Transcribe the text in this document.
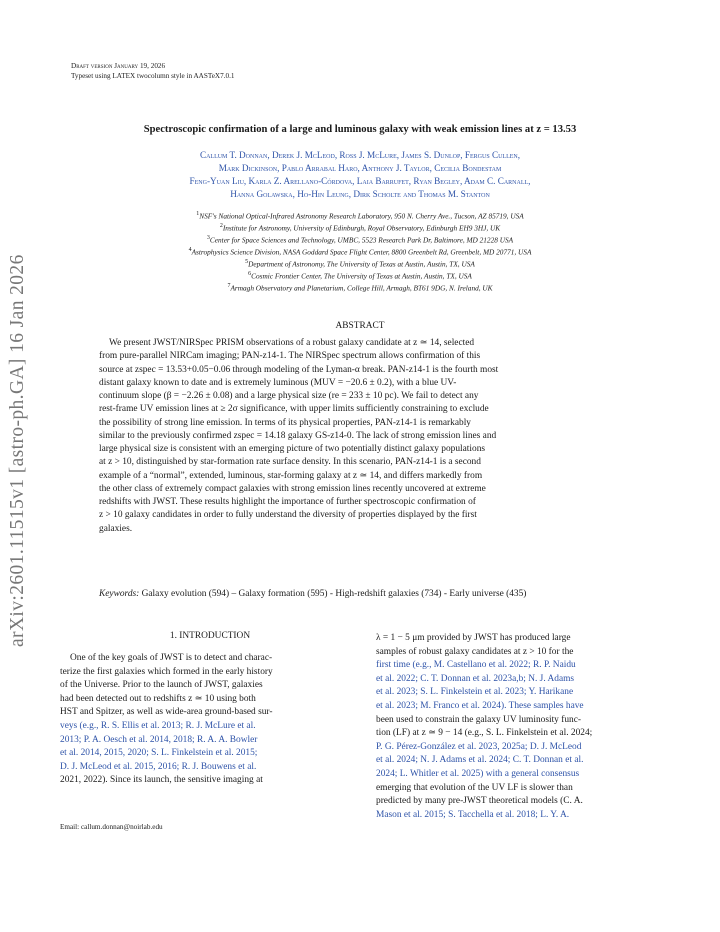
arXiv:2601.11515v1 [astro-ph.GA] 16 Jan 2026
Draft version January 19, 2026
Typeset using LATEX twocolumn style in AASTeX7.0.1
Spectroscopic confirmation of a large and luminous galaxy with weak emission lines at z = 13.53
Callum T. Donnan, Derek J. McLeod, Ross J. McLure, James S. Dunlop, Fergus Cullen,
Mark Dickinson, Pablo Arrabal Haro, Anthony J. Taylor, Cecilia Bondestam
Feng-Yuan Liu, Karla Z. Arellano-Córdova, Laia Barrufet, Ryan Begley, Adam C. Carnall,
Hanna Golawska, Ho-Hin Leung, Dirk Scholte and Thomas M. Stanton
$^1$NSF's National Optical-Infrared Astronomy Research Laboratory, 950 N. Cherry Ave., Tucson, AZ 85719, USA
$^2$Institute for Astronomy, University of Edinburgh, Royal Observatory, Edinburgh EH9 3HJ, UK
$^3$Center for Space Sciences and Technology, UMBC, 5523 Research Park Dr, Baltimore, MD 21228 USA
$^4$Astrophysics Science Division, NASA Goddard Space Flight Center, 8800 Greenbelt Rd, Greenbelt, MD 20771, USA
$^5$Department of Astronomy, The University of Texas at Austin, Austin, TX, USA
$^6$Cosmic Frontier Center, The University of Texas at Austin, Austin, TX, USA
$^7$Armagh Observatory and Planetarium, College Hill, Armagh, BT61 9DG, N. Ireland, UK
ABSTRACT
We present JWST/NIRSpec PRISM observations of a robust galaxy candidate at z ≃ 14, selected
from pure-parallel NIRCam imaging; PAN-z14-1. The NIRSpec spectrum allows confirmation of this
source at zspec = 13.53+0.05−0.06 through modeling of the Lyman-α break. PAN-z14-1 is the fourth most
distant galaxy known to date and is extremely luminous (MUV = −20.6 ± 0.2), with a blue UV-
continuum slope (β = −2.26 ± 0.08) and a large physical size (re = 233 ± 10 pc). We fail to detect any
rest-frame UV emission lines at ≥ 2σ significance, with upper limits sufficiently constraining to exclude
the possibility of strong line emission. In terms of its physical properties, PAN-z14-1 is remarkably
similar to the previously confirmed zspec = 14.18 galaxy GS-z14-0. The lack of strong emission lines and
large physical size is consistent with an emerging picture of two potentially distinct galaxy populations
at z > 10, distinguished by star-formation rate surface density. In this scenario, PAN-z14-1 is a second
example of a “normal”, extended, luminous, star-forming galaxy at z ≃ 14, and differs markedly from
the other class of extremely compact galaxies with strong emission lines recently uncovered at extreme
redshifts with JWST. These results highlight the importance of further spectroscopic confirmation of
z > 10 galaxy candidates in order to fully understand the diversity of properties displayed by the first
galaxies.
Keywords: Galaxy evolution (594) – Galaxy formation (595) - High-redshift galaxies (734) - Early universe (435)
1. INTRODUCTION
One of the key goals of JWST is to detect and charac-
terize the first galaxies which formed in the early history
of the Universe. Prior to the launch of JWST, galaxies
had been detected out to redshifts z ≃ 10 using both
HST and Spitzer, as well as wide-area ground-based sur-
veys (e.g., R. S. Ellis et al. 2013; R. J. McLure et al.
2013; P. A. Oesch et al. 2014, 2018; R. A. A. Bowler
et al. 2014, 2015, 2020; S. L. Finkelstein et al. 2015;
D. J. McLeod et al. 2015, 2016; R. J. Bouwens et al.
2021, 2022). Since its launch, the sensitive imaging at
λ = 1 − 5 μm provided by JWST has produced large
samples of robust galaxy candidates at z > 10 for the
first time (e.g., M. Castellano et al. 2022; R. P. Naidu
et al. 2022; C. T. Donnan et al. 2023a,b; N. J. Adams
et al. 2023; S. L. Finkelstein et al. 2023; Y. Harikane
et al. 2023; M. Franco et al. 2024). These samples have
been used to constrain the galaxy UV luminosity func-
tion (LF) at z ≃ 9 − 14 (e.g., S. L. Finkelstein et al. 2024;
P. G. Pérez-González et al. 2023, 2025a; D. J. McLeod
et al. 2024; N. J. Adams et al. 2024; C. T. Donnan et al.
2024; L. Whitler et al. 2025) with a general consensus
emerging that evolution of the UV LF is slower than
predicted by many pre-JWST theoretical models (C. A.
Mason et al. 2015; S. Tacchella et al. 2018; L. Y. A.
Email: callum.donnan@noirlab.edu
